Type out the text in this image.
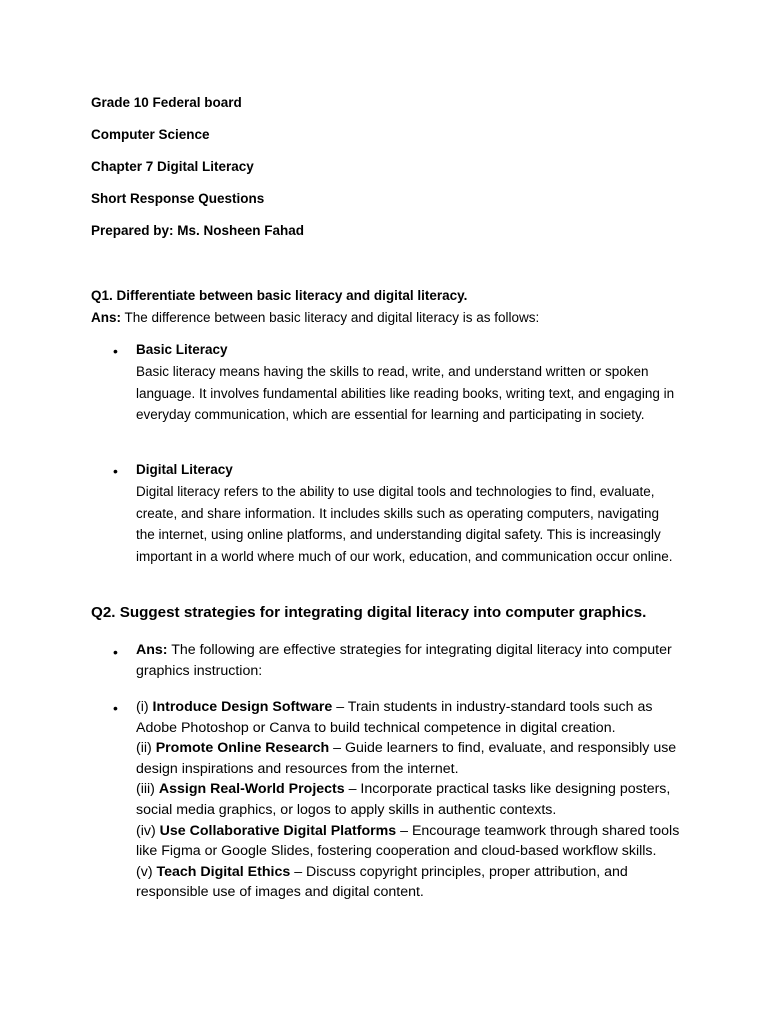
Grade 10 Federal board
Computer Science
Chapter 7 Digital Literacy
Short Response Questions
Prepared by: Ms. Nosheen Fahad
Q1. Differentiate between basic literacy and digital literacy.
Ans: The difference between basic literacy and digital literacy is as follows:
• Basic Literacy
Basic literacy means having the skills to read, write, and understand written or spoken language. It involves fundamental abilities like reading books, writing text, and engaging in everyday communication, which are essential for learning and participating in society.
• Digital Literacy
Digital literacy refers to the ability to use digital tools and technologies to find, evaluate, create, and share information. It includes skills such as operating computers, navigating the internet, using online platforms, and understanding digital safety. This is increasingly important in a world where much of our work, education, and communication occur online.
Q2. Suggest strategies for integrating digital literacy into computer graphics.
• Ans: The following are effective strategies for integrating digital literacy into computer graphics instruction:
• (i) Introduce Design Software – Train students in industry-standard tools such as Adobe Photoshop or Canva to build technical competence in digital creation.
(ii) Promote Online Research – Guide learners to find, evaluate, and responsibly use design inspirations and resources from the internet.
(iii) Assign Real-World Projects – Incorporate practical tasks like designing posters, social media graphics, or logos to apply skills in authentic contexts.
(iv) Use Collaborative Digital Platforms – Encourage teamwork through shared tools like Figma or Google Slides, fostering cooperation and cloud-based workflow skills.
(v) Teach Digital Ethics – Discuss copyright principles, proper attribution, and responsible use of images and digital content.
